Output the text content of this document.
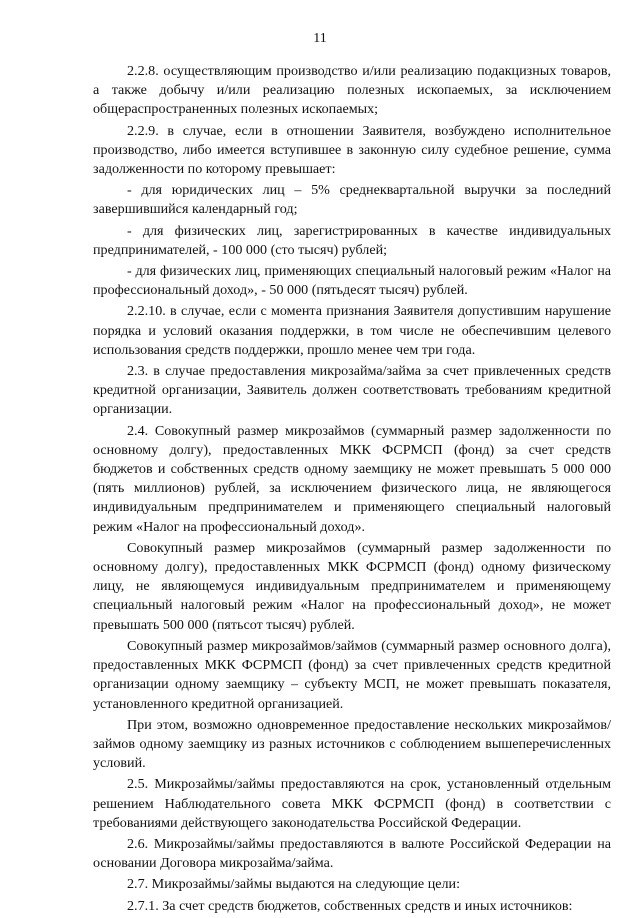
11

2.2.8. осуществляющим производство и/или реализацию подакцизных товаров, а также добычу и/или реализацию полезных ископаемых, за исключением общераспространенных полезных ископаемых;

2.2.9. в случае, если в отношении Заявителя, возбуждено исполнительное производство, либо имеется вступившее в законную силу судебное решение, сумма задолженности по которому превышает:

- для юридических лиц – 5% среднеквартальной выручки за последний завершившийся календарный год;

- для физических лиц, зарегистрированных в качестве индивидуальных предпринимателей, - 100 000 (сто тысяч) рублей;

- для физических лиц, применяющих специальный налоговый режим «Налог на профессиональный доход», - 50 000 (пятьдесят тысяч) рублей.

2.2.10. в случае, если с момента признания Заявителя допустившим нарушение порядка и условий оказания поддержки, в том числе не обеспечившим целевого использования средств поддержки, прошло менее чем три года.

2.3. в случае предоставления микрозайма/займа за счет привлеченных средств кредитной организации, Заявитель должен соответствовать требованиям кредитной организации.

2.4. Совокупный размер микрозаймов (суммарный размер задолженности по основному долгу), предоставленных МКК ФСРМСП (фонд) за счет средств бюджетов и собственных средств одному заемщику не может превышать 5 000 000 (пять миллионов) рублей, за исключением физического лица, не являющегося индивидуальным предпринимателем и применяющего специальный налоговый режим «Налог на профессиональный доход».

Совокупный размер микрозаймов (суммарный размер задолженности по основному долгу), предоставленных МКК ФСРМСП (фонд) одному физическому лицу, не являющемуся индивидуальным предпринимателем и применяющему специальный налоговый режим «Налог на профессиональный доход», не может превышать 500 000 (пятьсот тысяч) рублей.

Совокупный размер микрозаймов/займов (суммарный размер основного долга), предоставленных МКК ФСРМСП (фонд) за счет привлеченных средств кредитной организации одному заемщику – субъекту МСП, не может превышать показателя, установленного кредитной организацией.

При этом, возможно одновременное предоставление нескольких микрозаймов/займов одному заемщику из разных источников с соблюдением вышеперечисленных условий.

2.5. Микрозаймы/займы предоставляются на срок, установленный отдельным решением Наблюдательного совета МКК ФСРМСП (фонд) в соответствии с требованиями действующего законодательства Российской Федерации.

2.6. Микрозаймы/займы предоставляются в валюте Российской Федерации на основании Договора микрозайма/займа.

2.7. Микрозаймы/займы выдаются на следующие цели:

2.7.1. За счет средств бюджетов, собственных средств и иных источников:
